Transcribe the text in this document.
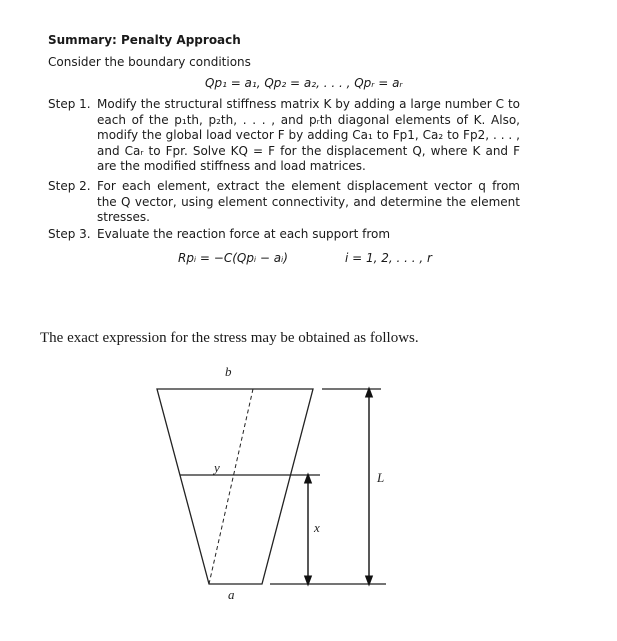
Summary: Penalty Approach
Consider the boundary conditions
Qp₁ = a₁, Qp₂ = a₂, . . . , Qpᵣ = aᵣ
Step 1. Modify the structural stiffness matrix K by adding a large number C to each of the p₁th, p₂th, . . . , and pᵣth diagonal elements of K. Also, modify the global load vector F by adding Ca₁ to Fp1, Ca₂ to Fp2, . . . , and Caᵣ to Fpr. Solve KQ = F for the displacement Q, where K and F are the modified stiffness and load matrices.
Step 2. For each element, extract the element displacement vector q from the Q vector, using element connectivity, and determine the element stresses.
Step 3. Evaluate the reaction force at each support from
Rpᵢ = −C(Qpᵢ − aᵢ)	i = 1, 2, . . . , r
The exact expression for the stress may be obtained as follows.
b
y
L
x
a
